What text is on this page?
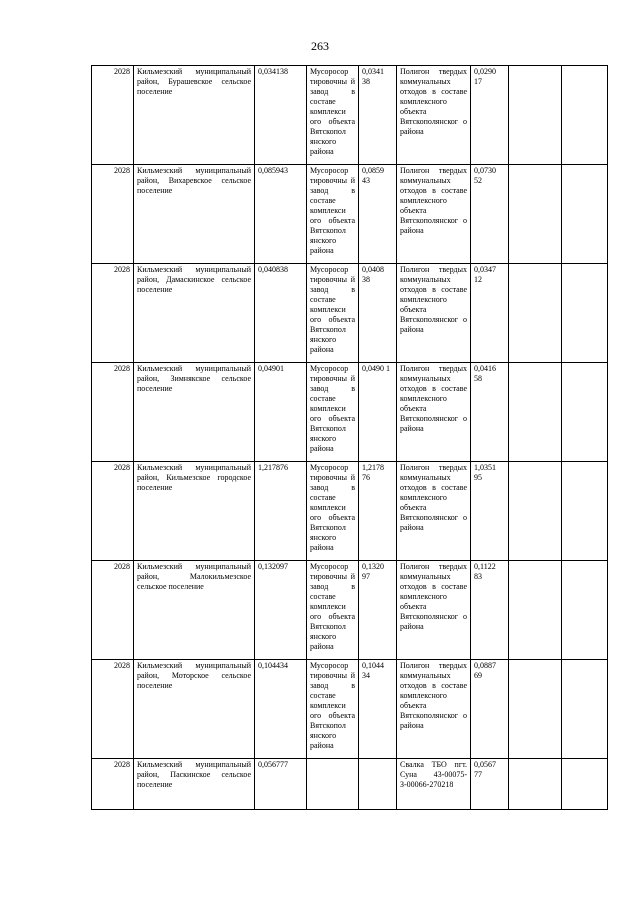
263
2028	Кильмезский муниципальный район, Бурашевское сельское поселение	0,034138	Мусоросор тировочны й завод в составе комплекси ого объекта Вятскопол янского района	0,0341 38	Полигон твердых коммунальных отходов в составе комплексного объекта Вятскополянског о района	0,0290 17		
2028	Кильмезский муниципальный район, Вихаревское сельское поселение	0,085943	Мусоросор тировочны й завод в составе комплекси ого объекта Вятскопол янского района	0,0859 43	Полигон твердых коммунальных отходов в составе комплексного объекта Вятскополянског о района	0,0730 52		
2028	Кильмезский муниципальный район, Дамаскинское сельское поселение	0,040838	Мусоросор тировочны й завод в составе комплекси ого объекта Вятскопол янского района	0,0408 38	Полигон твердых коммунальных отходов в составе комплексного объекта Вятскополянског о района	0,0347 12		
2028	Кильмезский муниципальный район, Зимнякское сельское поселение	0,04901	Мусоросор тировочны й завод в составе комплекси ого объекта Вятскопол янского района	0,0490 1	Полигон твердых коммунальных отходов в составе комплексного объекта Вятскополянског о района	0,0416 58		
2028	Кильмезский муниципальный район, Кильмезское городское поселение	1,217876	Мусоросор тировочны й завод в составе комплекси ого объекта Вятскопол янского района	1,2178 76	Полигон твердых коммунальных отходов в составе комплексного объекта Вятскополянског о района	1,0351 95		
2028	Кильмезский муниципальный район, Малокильмезское сельское поселение	0,132097	Мусоросор тировочны й завод в составе комплекси ого объекта Вятскопол янского района	0,1320 97	Полигон твердых коммунальных отходов в составе комплексного объекта Вятскополянског о района	0,1122 83		
2028	Кильмезский муниципальный район, Моторское сельское поселение	0,104434	Мусоросор тировочны й завод в составе комплекси ого объекта Вятскопол янского района	0,1044 34	Полигон твердых коммунальных отходов в составе комплексного объекта Вятскополянског о района	0,0887 69		
2028	Кильмезский муниципальный район, Паскинское сельское поселение	0,056777			Свалка ТБО пгт. Суна 43-00075-З-00066-270218	0,0567 77		
